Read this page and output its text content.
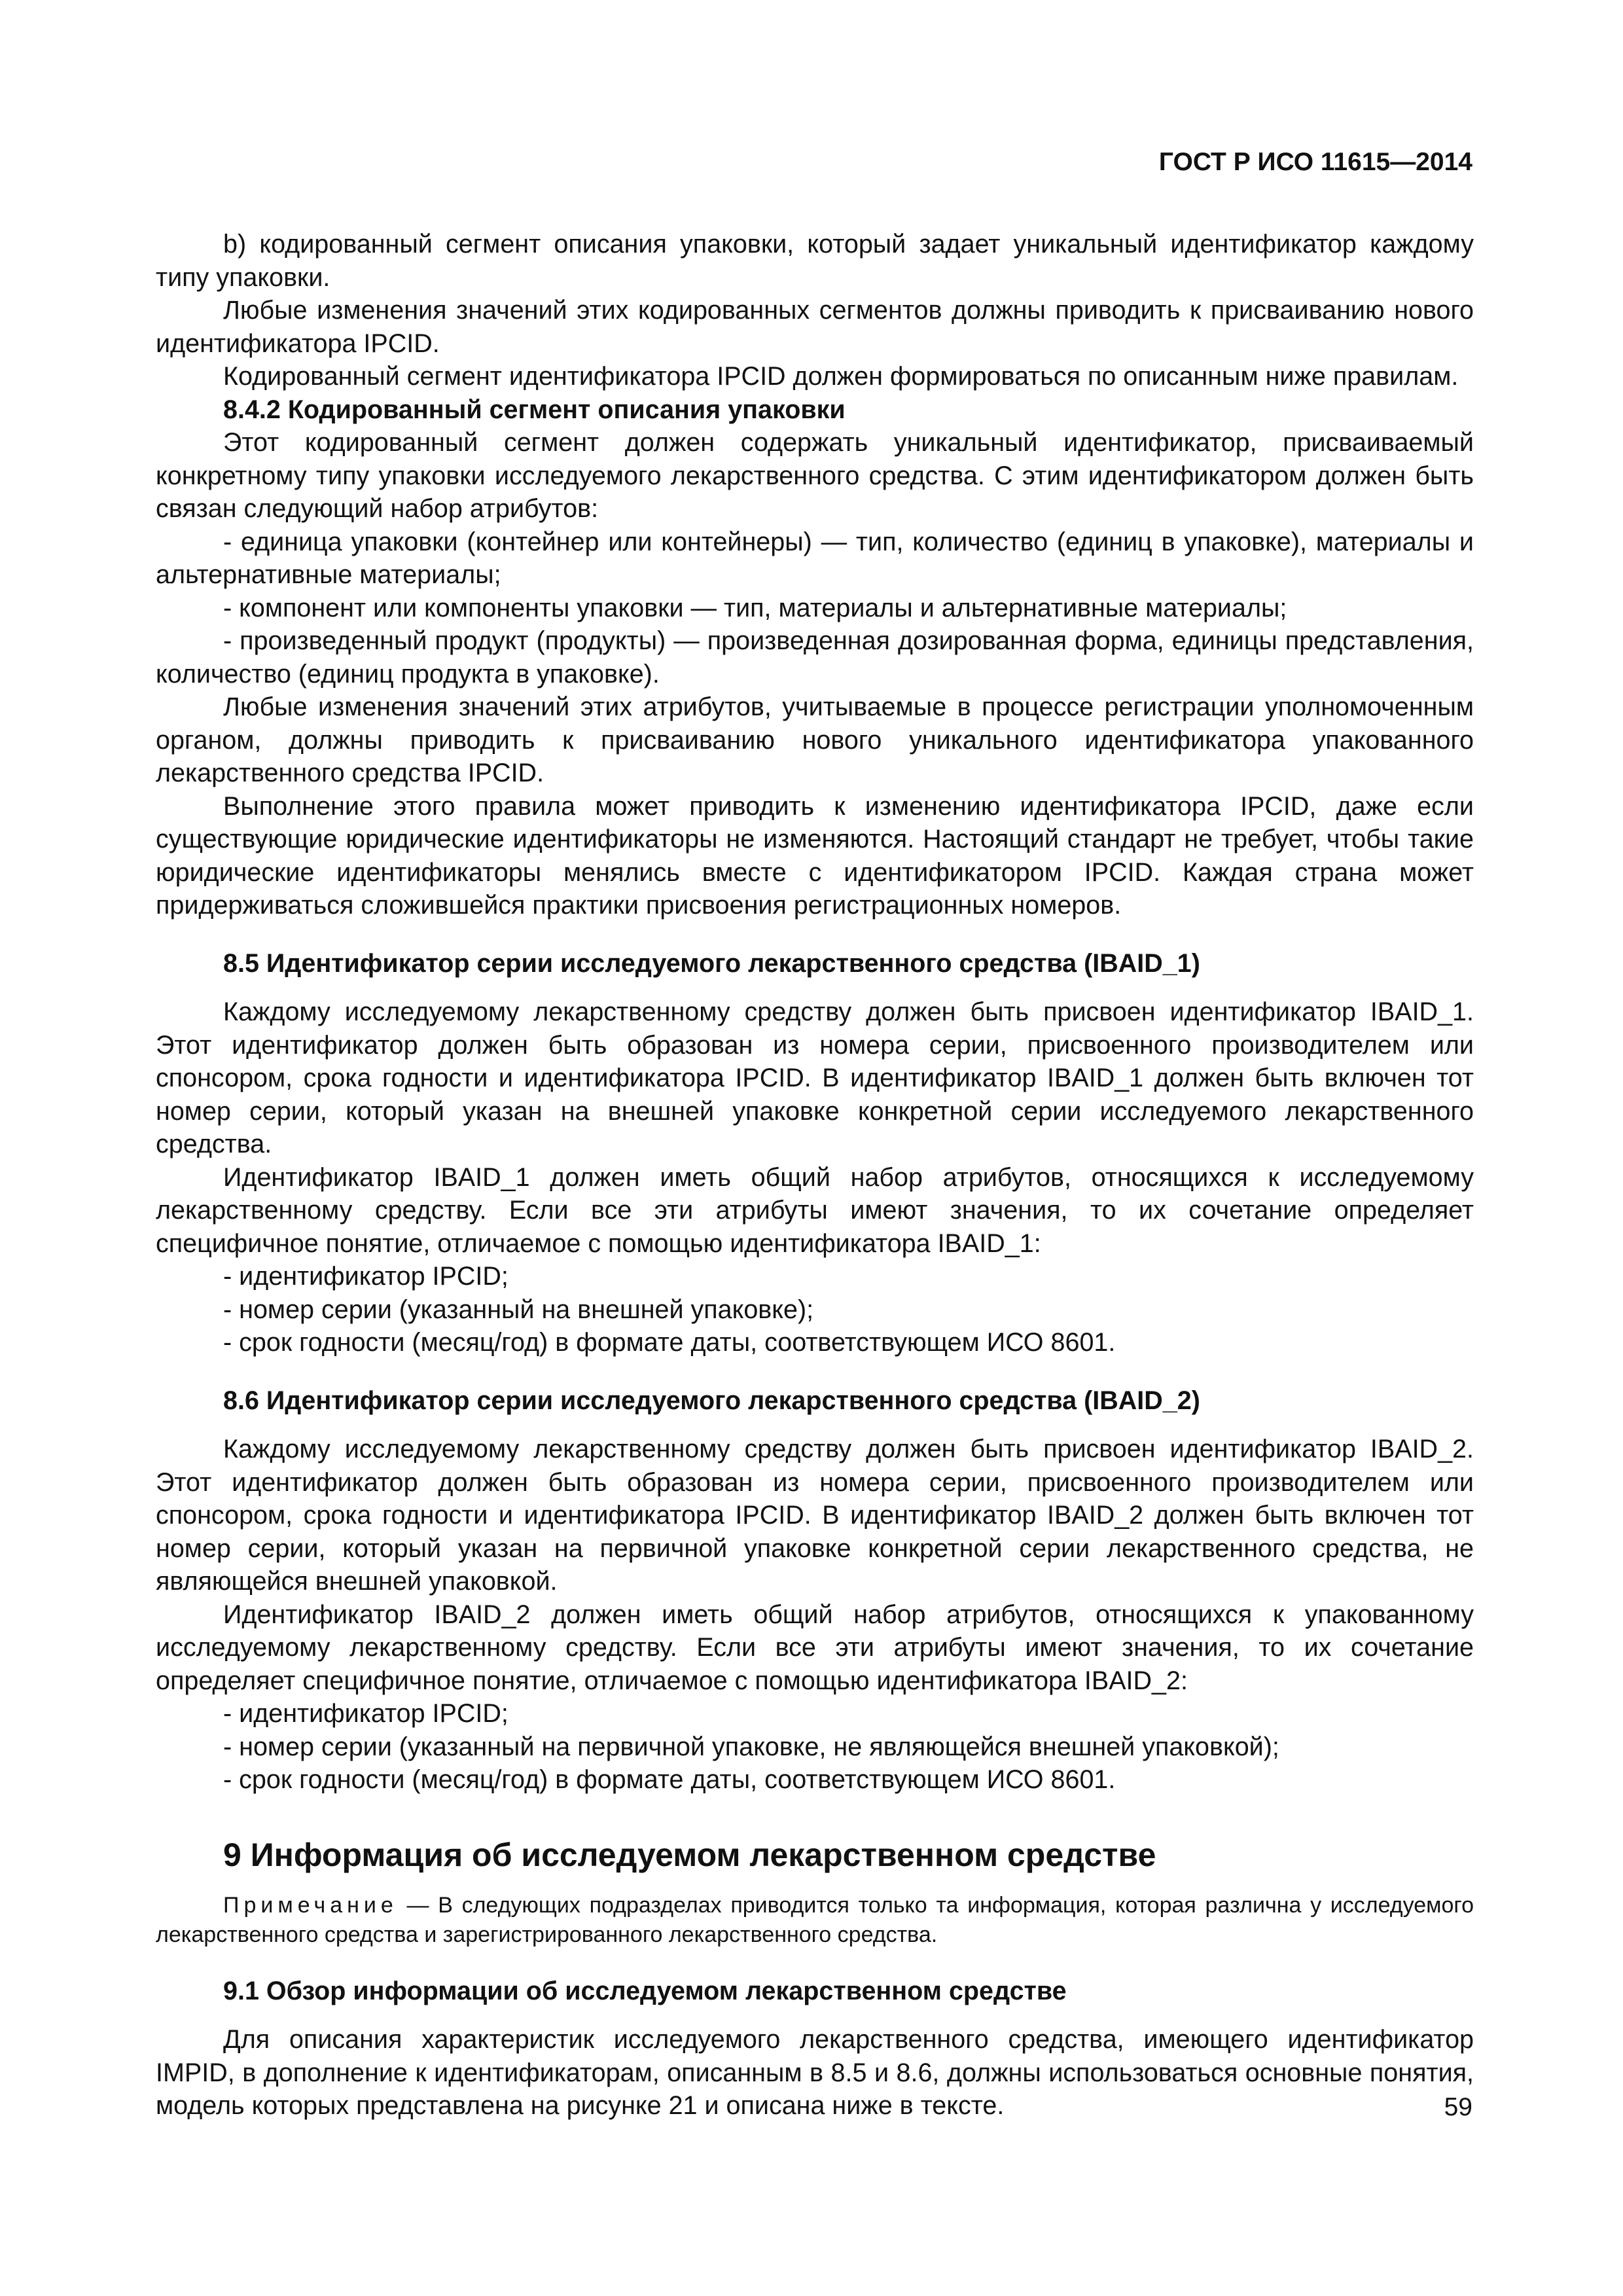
ГОСТ Р ИСО 11615—2014

b) кодированный сегмент описания упаковки, который задает уникальный идентификатор каждому типу упаковки.

Любые изменения значений этих кодированных сегментов должны приводить к присваиванию нового идентификатора IPCID.

Кодированный сегмент идентификатора IPCID должен формироваться по описанным ниже правилам.

8.4.2 Кодированный сегмент описания упаковки

Этот кодированный сегмент должен содержать уникальный идентификатор, присваиваемый конкретному типу упаковки исследуемого лекарственного средства. С этим идентификатором должен быть связан следующий набор атрибутов:

- единица упаковки (контейнер или контейнеры) — тип, количество (единиц в упаковке), материалы и альтернативные материалы;

- компонент или компоненты упаковки — тип, материалы и альтернативные материалы;

- произведенный продукт (продукты) — произведенная дозированная форма, единицы представления, количество (единиц продукта в упаковке).

Любые изменения значений этих атрибутов, учитываемые в процессе регистрации уполномоченным органом, должны приводить к присваиванию нового уникального идентификатора упакованного лекарственного средства IPCID.

Выполнение этого правила может приводить к изменению идентификатора IPCID, даже если существующие юридические идентификаторы не изменяются. Настоящий стандарт не требует, чтобы такие юридические идентификаторы менялись вместе с идентификатором IPCID. Каждая страна может придерживаться сложившейся практики присвоения регистрационных номеров.

8.5 Идентификатор серии исследуемого лекарственного средства (IBAID_1)

Каждому исследуемому лекарственному средству должен быть присвоен идентификатор IBAID_1. Этот идентификатор должен быть образован из номера серии, присвоенного производителем или спонсором, срока годности и идентификатора IPCID. В идентификатор IBAID_1 должен быть включен тот номер серии, который указан на внешней упаковке конкретной серии исследуемого лекарственного средства.

Идентификатор IBAID_1 должен иметь общий набор атрибутов, относящихся к исследуемому лекарственному средству. Если все эти атрибуты имеют значения, то их сочетание определяет специфичное понятие, отличаемое с помощью идентификатора IBAID_1:

- идентификатор IPCID;

- номер серии (указанный на внешней упаковке);

- срок годности (месяц/год) в формате даты, соответствующем ИСО 8601.

8.6 Идентификатор серии исследуемого лекарственного средства (IBAID_2)

Каждому исследуемому лекарственному средству должен быть присвоен идентификатор IBAID_2. Этот идентификатор должен быть образован из номера серии, присвоенного производителем или спонсором, срока годности и идентификатора IPCID. В идентификатор IBAID_2 должен быть включен тот номер серии, который указан на первичной упаковке конкретной серии лекарственного средства, не являющейся внешней упаковкой.

Идентификатор IBAID_2 должен иметь общий набор атрибутов, относящихся к упакованному исследуемому лекарственному средству. Если все эти атрибуты имеют значения, то их сочетание определяет специфичное понятие, отличаемое с помощью идентификатора IBAID_2:

- идентификатор IPCID;

- номер серии (указанный на первичной упаковке, не являющейся внешней упаковкой);

- срок годности (месяц/год) в формате даты, соответствующем ИСО 8601.

9 Информация об исследуемом лекарственном средстве

Примечание — В следующих подразделах приводится только та информация, которая различна у исследуемого лекарственного средства и зарегистрированного лекарственного средства.

9.1 Обзор информации об исследуемом лекарственном средстве

Для описания характеристик исследуемого лекарственного средства, имеющего идентификатор IMPID, в дополнение к идентификаторам, описанным в 8.5 и 8.6, должны использоваться основные понятия, модель которых представлена на рисунке 21 и описана ниже в тексте.	59
